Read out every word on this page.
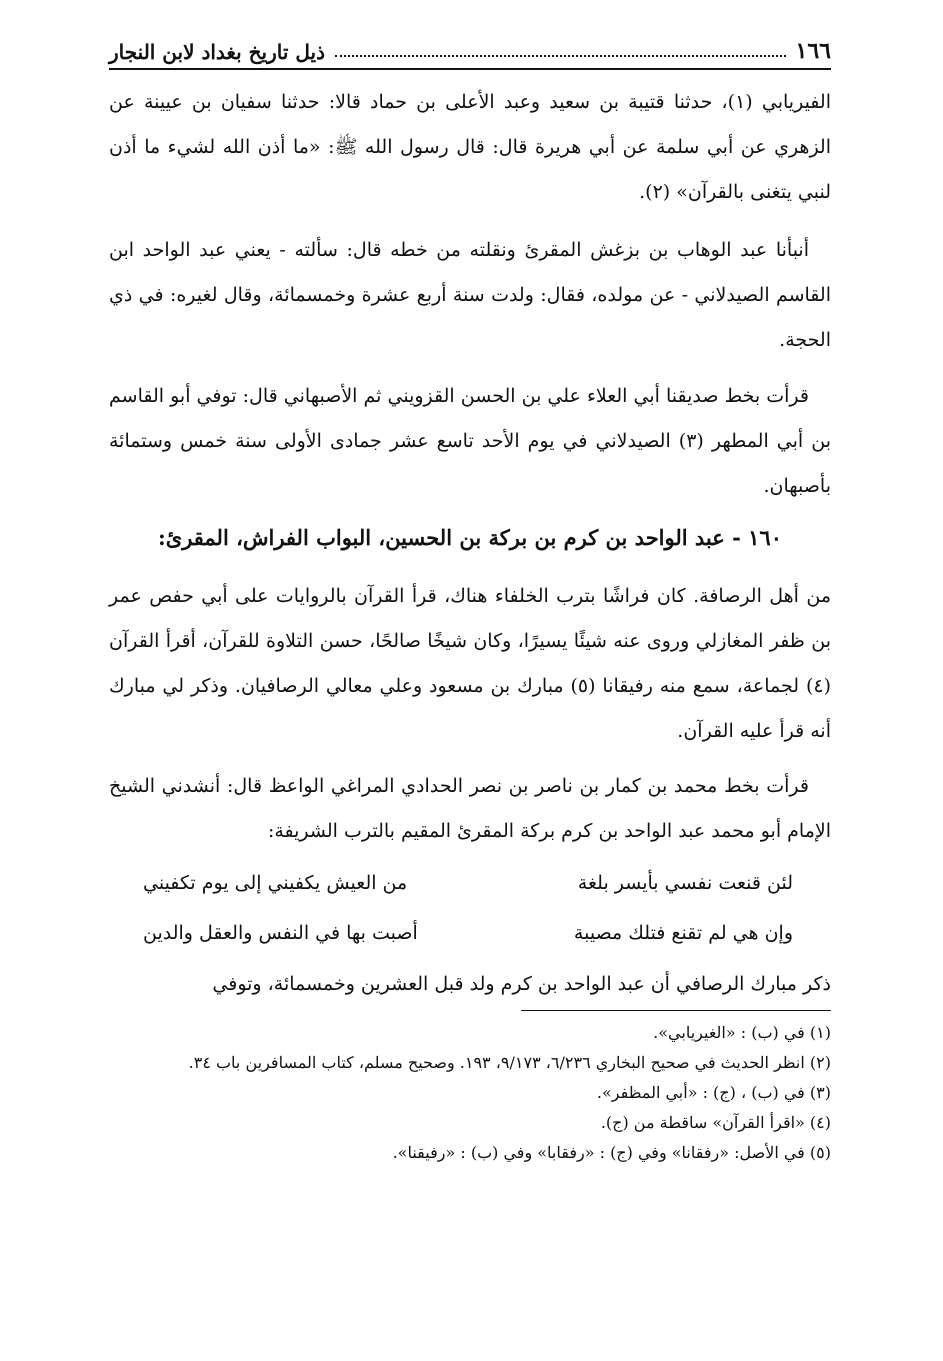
١٦٦
ذيل تاريخ بغداد لابن النجار

الفيريابي (١)، حدثنا قتيبة بن سعيد وعبد الأعلى بن حماد قالا: حدثنا سفيان بن عيينة عن الزهري عن أبي سلمة عن أبي هريرة قال: قال رسول الله ﷺ: «ما أذن الله لشيء ما أذن لنبي يتغنى بالقرآن» (٢).

أنبأنا عبد الوهاب بن بزغش المقرئ ونقلته من خطه قال: سألته - يعني عبد الواحد ابن القاسم الصيدلاني - عن مولده، فقال: ولدت سنة أربع عشرة وخمسمائة، وقال لغيره: في ذي الحجة.

قرأت بخط صديقنا أبي العلاء علي بن الحسن القزويني ثم الأصبهاني قال: توفي أبو القاسم بن أبي المطهر (٣) الصيدلاني في يوم الأحد تاسع عشر جمادى الأولى سنة خمس وستمائة بأصبهان.

١٦٠ - عبد الواحد بن كرم بن بركة بن الحسين، البواب الفراش، المقرئ:

من أهل الرصافة. كان فراشًا بترب الخلفاء هناك، قرأ القرآن بالروايات على أبي حفص عمر بن ظفر المغازلي وروى عنه شيئًا يسيرًا، وكان شيخًا صالحًا، حسن التلاوة للقرآن، أقرأ القرآن (٤) لجماعة، سمع منه رفيقانا (٥) مبارك بن مسعود وعلي معالي الرصافيان. وذكر لي مبارك أنه قرأ عليه القرآن.

قرأت بخط محمد بن كمار بن ناصر بن نصر الحدادي المراغي الواعظ قال: أنشدني الشيخ الإمام أبو محمد عبد الواحد بن كرم بركة المقرئ المقيم بالترب الشريفة:

لئن قنعت نفسي بأيسر بلغة
من العيش يكفيني إلى يوم تكفيني
وإن هي لم تقنع فتلك مصيبة
أصبت بها في النفس والعقل والدين

ذكر مبارك الرصافي أن عبد الواحد بن كرم ولد قبل العشرين وخمسمائة، وتوفي

(١) في (ب) : «الغيريابي».

(٢) انظر الحديث في صحيح البخاري ٦/٢٣٦، ٩/١٧٣، ١٩٣. وصحيح مسلم، كتاب المسافرين باب ٣٤.

(٣) في (ب) ، (ج) : «أبي المظفر».

(٤) «اقرأ القرآن» ساقطة من (ج).

(٥) في الأصل: «رفقانا» وفي (ج) : «رفقابا» وفي (ب) : «رفيقنا».
